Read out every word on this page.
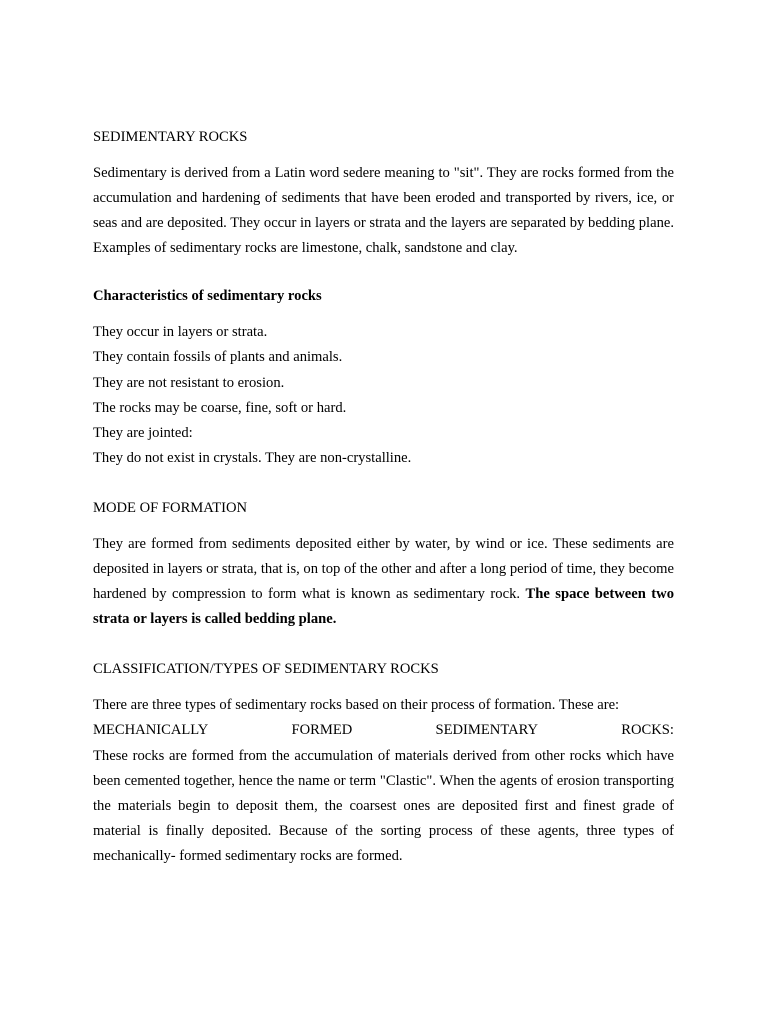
SEDIMENTARY ROCKS

Sedimentary is derived from a Latin word sedere meaning to "sit". They are rocks formed from the accumulation and hardening of sediments that have been eroded and transported by rivers, ice, or seas and are deposited. They occur in layers or strata and the layers are separated by bedding plane. Examples of sedimentary rocks are limestone, chalk, sandstone and clay.

Characteristics of sedimentary rocks
They occur in layers or strata.
They contain fossils of plants and animals.
They are not resistant to erosion.
The rocks may be coarse, fine, soft or hard.
They are jointed:
They do not exist in crystals. They are non-crystalline.
MODE OF FORMATION

They are formed from sediments deposited either by water, by wind or ice. These sediments are deposited in layers or strata, that is, on top of the other and after a long period of time, they become hardened by compression to form what is known as sedimentary rock. The space between two strata or layers is called bedding plane.

CLASSIFICATION/TYPES OF SEDIMENTARY ROCKS
There are three types of sedimentary rocks based on their process of formation. These are:
MECHANICALLY	FORMED	SEDIMENTARY	ROCKS:

These rocks are formed from the accumulation of materials derived from other rocks which have been cemented together, hence the name or term "Clastic". When the agents of erosion transporting the materials begin to deposit them, the coarsest ones are deposited first and finest grade of material is finally deposited. Because of the sorting process of these agents, three types of mechanically- formed sedimentary rocks are formed.
